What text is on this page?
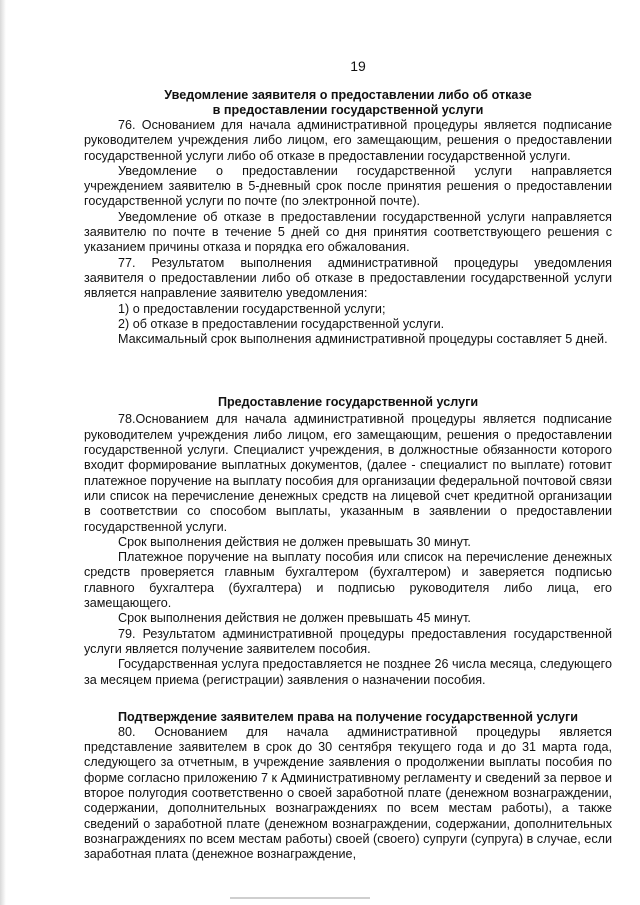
19

Уведомление заявителя о предоставлении либо об отказе

в предоставлении государственной услуги

76. Основанием для начала административной процедуры является подписание руководителем учреждения либо лицом, его замещающим, решения о предоставлении государственной услуги либо об отказе в предоставлении государственной услуги.

Уведомление о предоставлении государственной услуги направляется учреждением заявителю в 5-дневный срок после принятия решения о предоставлении государственной услуги по почте (по электронной почте).

Уведомление об отказе в предоставлении государственной услуги направляется заявителю по почте в течение 5 дней со дня принятия соответствующего решения с указанием причины отказа и порядка его обжалования.

77. Результатом выполнения административной процедуры уведомления заявителя о предоставлении либо об отказе в предоставлении государственной услуги является направление заявителю уведомления:

1) о предоставлении государственной услуги;

2) об отказе в предоставлении государственной услуги.

Максимальный срок выполнения административной процедуры составляет 5 дней.

Предоставление государственной услуги

78.Основанием для начала административной процедуры является подписание руководителем учреждения либо лицом, его замещающим, решения о предоставлении государственной услуги. Специалист учреждения, в должностные обязанности которого входит формирование выплатных документов, (далее - специалист по выплате) готовит платежное поручение на выплату пособия для организации федеральной почтовой связи или список на перечисление денежных средств на лицевой счет кредитной организации в соответствии со способом выплаты, указанным в заявлении о предоставлении государственной услуги.

Срок выполнения действия не должен превышать 30 минут.

Платежное поручение на выплату пособия или список на перечисление денежных средств проверяется главным бухгалтером (бухгалтером) и заверяется подписью главного бухгалтера (бухгалтера) и подписью руководителя либо лица, его замещающего.

Срок выполнения действия не должен превышать 45 минут.

79. Результатом административной процедуры предоставления государственной услуги является получение заявителем пособия.

Государственная услуга предоставляется не позднее 26 числа месяца, следующего за месяцем приема (регистрации) заявления о назначении пособия.

Подтверждение заявителем права на получение государственной услуги

80. Основанием для начала административной процедуры является представление заявителем в срок до 30 сентября текущего года и до 31 марта года, следующего за отчетным, в учреждение заявления о продолжении выплаты пособия по форме согласно приложению 7 к Административному регламенту и сведений за первое и второе полугодия соответственно о своей заработной плате (денежном вознаграждении, содержании, дополнительных вознаграждениях по всем местам работы), а также сведений о заработной плате (денежном вознаграждении, содержании, дополнительных вознаграждениях по всем местам работы) своей (своего) супруги (супруга) в случае, если заработная плата (денежное вознаграждение,
